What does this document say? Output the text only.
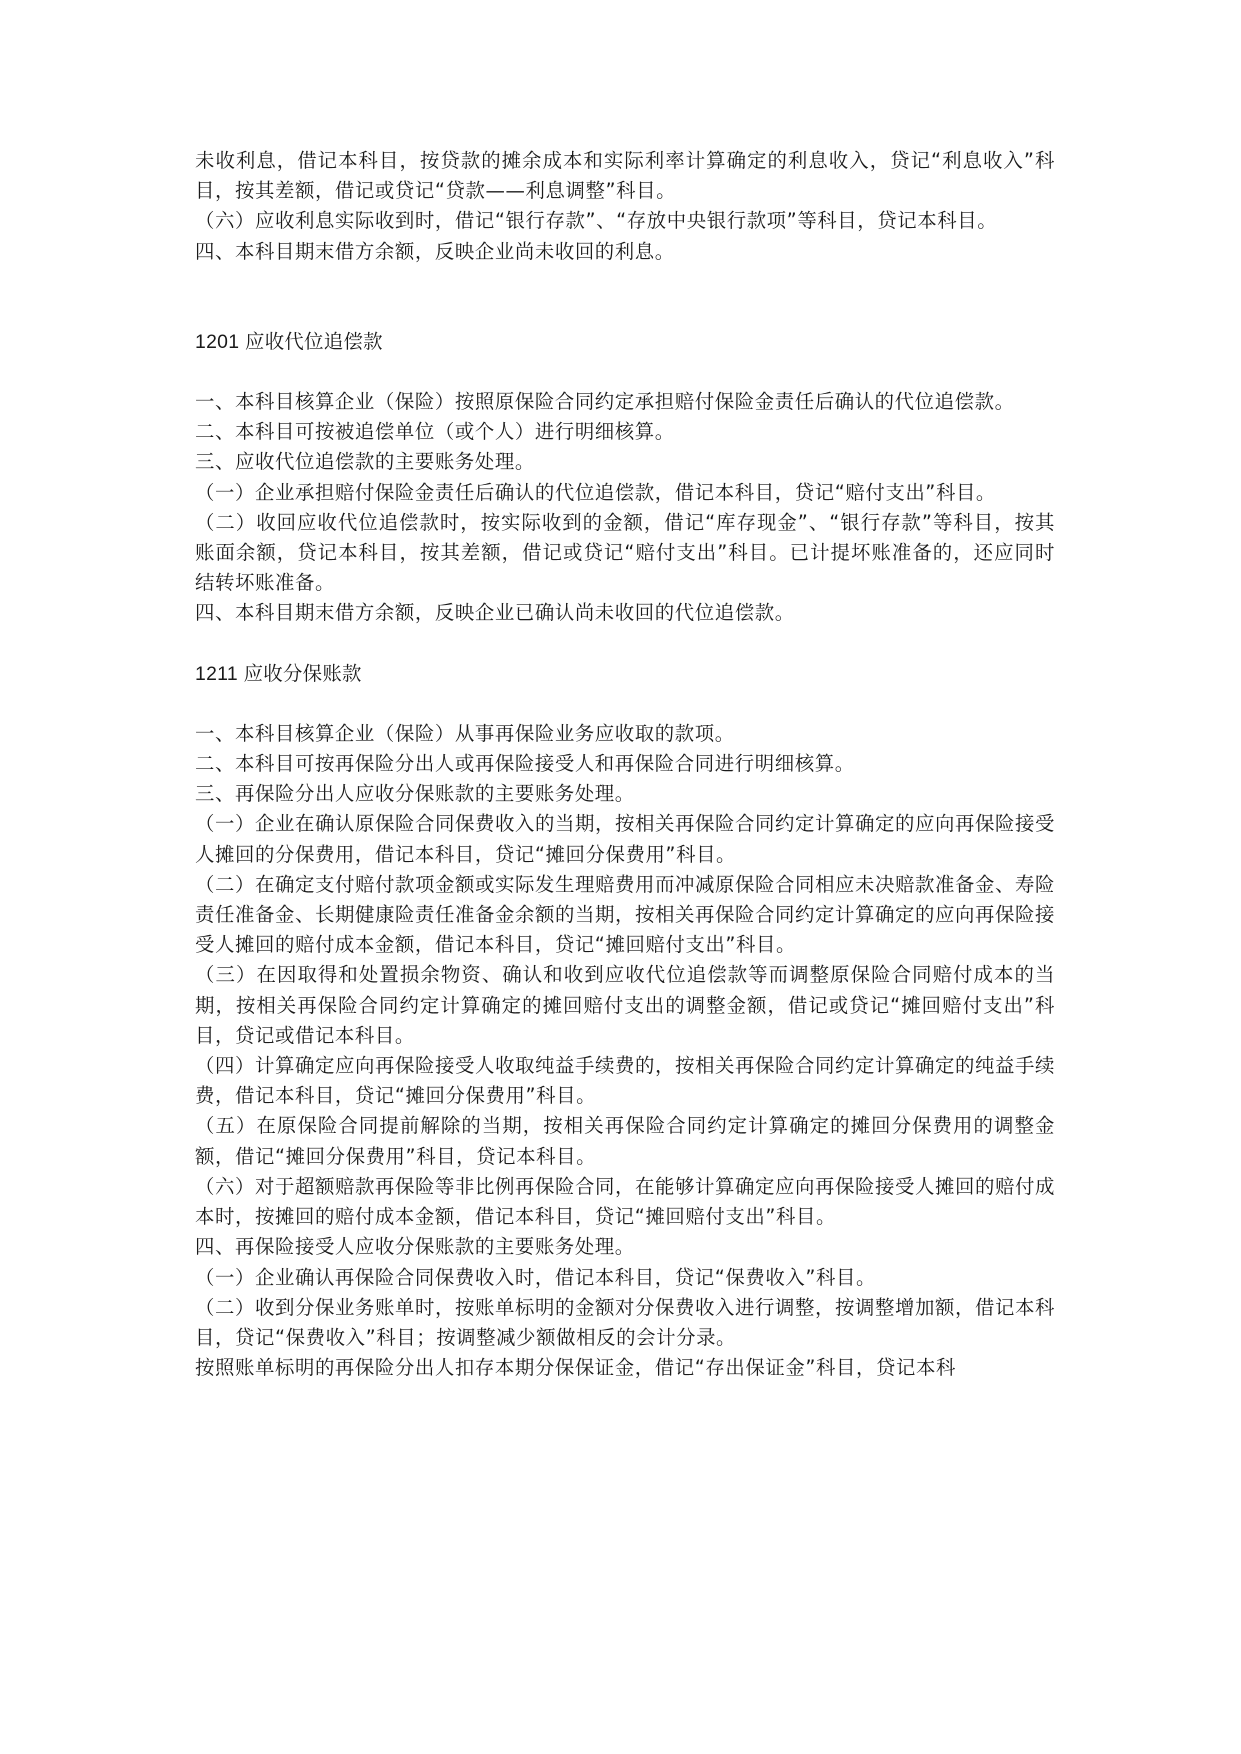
未收利息，借记本科目，按贷款的摊余成本和实际利率计算确定的利息收入，贷记“利息收入”科目，按其差额，借记或贷记“贷款——利息调整”科目。

（六）应收利息实际收到时，借记“银行存款”、“存放中央银行款项”等科目，贷记本科目。

四、本科目期末借方余额，反映企业尚未收回的利息。

1201 应收代位追偿款

一、本科目核算企业（保险）按照原保险合同约定承担赔付保险金责任后确认的代位追偿款。

二、本科目可按被追偿单位（或个人）进行明细核算。

三、应收代位追偿款的主要账务处理。

（一）企业承担赔付保险金责任后确认的代位追偿款，借记本科目，贷记“赔付支出”科目。

（二）收回应收代位追偿款时，按实际收到的金额，借记“库存现金”、“银行存款”等科目，按其账面余额，贷记本科目，按其差额，借记或贷记“赔付支出”科目。已计提坏账准备的，还应同时结转坏账准备。

四、本科目期末借方余额，反映企业已确认尚未收回的代位追偿款。

1211 应收分保账款

一、本科目核算企业（保险）从事再保险业务应收取的款项。

二、本科目可按再保险分出人或再保险接受人和再保险合同进行明细核算。

三、再保险分出人应收分保账款的主要账务处理。

（一）企业在确认原保险合同保费收入的当期，按相关再保险合同约定计算确定的应向再保险接受人摊回的分保费用，借记本科目，贷记“摊回分保费用”科目。

（二）在确定支付赔付款项金额或实际发生理赔费用而冲减原保险合同相应未决赔款准备金、寿险责任准备金、长期健康险责任准备金余额的当期，按相关再保险合同约定计算确定的应向再保险接受人摊回的赔付成本金额，借记本科目，贷记“摊回赔付支出”科目。

（三）在因取得和处置损余物资、确认和收到应收代位追偿款等而调整原保险合同赔付成本的当期，按相关再保险合同约定计算确定的摊回赔付支出的调整金额，借记或贷记“摊回赔付支出”科目，贷记或借记本科目。

（四）计算确定应向再保险接受人收取纯益手续费的，按相关再保险合同约定计算确定的纯益手续费，借记本科目，贷记“摊回分保费用”科目。

（五）在原保险合同提前解除的当期，按相关再保险合同约定计算确定的摊回分保费用的调整金额，借记“摊回分保费用”科目，贷记本科目。

（六）对于超额赔款再保险等非比例再保险合同，在能够计算确定应向再保险接受人摊回的赔付成本时，按摊回的赔付成本金额，借记本科目，贷记“摊回赔付支出”科目。

四、再保险接受人应收分保账款的主要账务处理。

（一）企业确认再保险合同保费收入时，借记本科目，贷记“保费收入”科目。

（二）收到分保业务账单时，按账单标明的金额对分保费收入进行调整，按调整增加额，借记本科目，贷记“保费收入”科目；按调整减少额做相反的会计分录。

按照账单标明的再保险分出人扣存本期分保保证金，借记“存出保证金”科目，贷记本科
